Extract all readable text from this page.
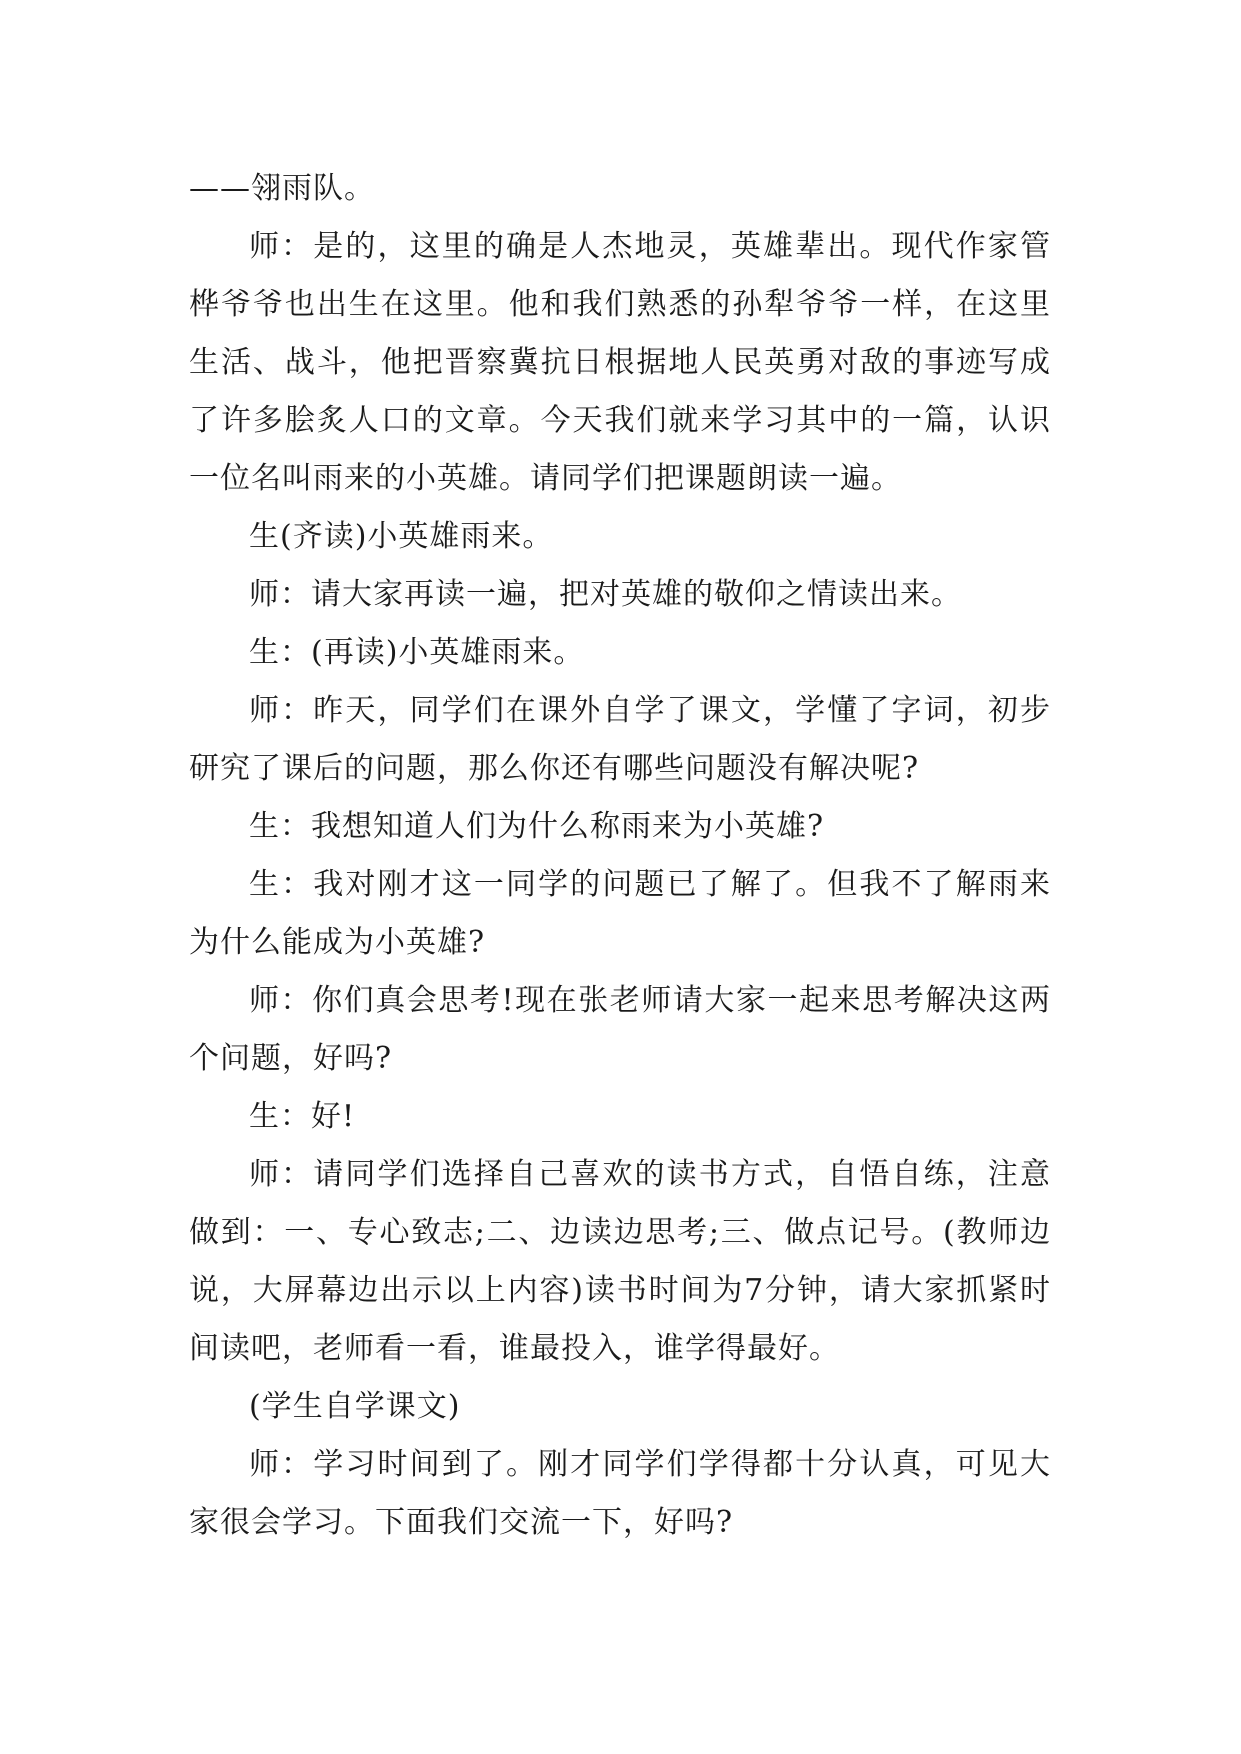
——翎雨队。

师：是的，这里的确是人杰地灵，英雄辈出。现代作家管桦爷爷也出生在这里。他和我们熟悉的孙犁爷爷一样，在这里生活、战斗，他把晋察冀抗日根据地人民英勇对敌的事迹写成了许多脍炙人口的文章。今天我们就来学习其中的一篇，认识一位名叫雨来的小英雄。请同学们把课题朗读一遍。

生(齐读)小英雄雨来。

师：请大家再读一遍，把对英雄的敬仰之情读出来。

生：(再读)小英雄雨来。

师：昨天，同学们在课外自学了课文，学懂了字词，初步研究了课后的问题，那么你还有哪些问题没有解决呢?

生：我想知道人们为什么称雨来为小英雄?

生：我对刚才这一同学的问题已了解了。但我不了解雨来为什么能成为小英雄?

师：你们真会思考!现在张老师请大家一起来思考解决这两个问题，好吗?

生：好!

师：请同学们选择自己喜欢的读书方式，自悟自练，注意做到：一、专心致志;二、边读边思考;三、做点记号。(教师边说，大屏幕边出示以上内容)读书时间为7分钟，请大家抓紧时间读吧，老师看一看，谁最投入，谁学得最好。

(学生自学课文)

师：学习时间到了。刚才同学们学得都十分认真，可见大家很会学习。下面我们交流一下，好吗?
